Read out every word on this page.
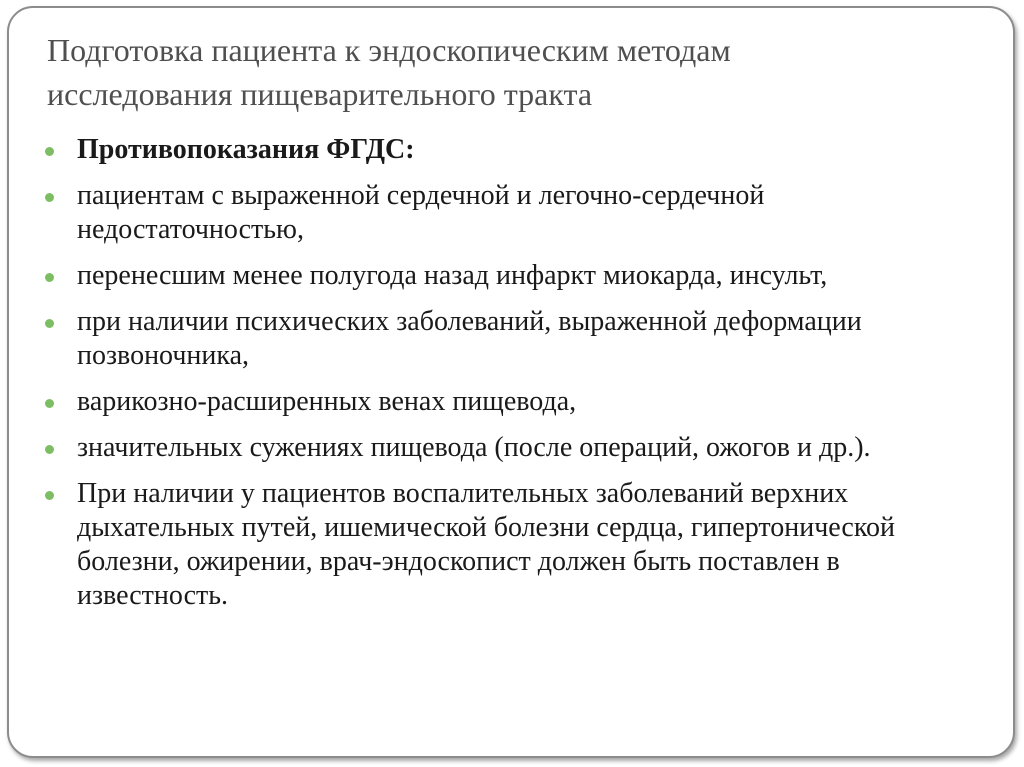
Подготовка пациента к эндоскопическим методам
исследования пищеварительного тракта
Противопоказания ФГДС:
пациентам с выраженной сердечной и легочно-сердечной недостаточностью,
перенесшим менее полугода назад инфаркт миокарда, инсульт,
при наличии психических заболеваний, выраженной деформации позвоночника,
варикозно-расширенных венах пищевода,
значительных сужениях пищевода (после операций, ожогов и др.).
При наличии у пациентов воспалительных заболеваний верхних дыхательных путей, ишемической болезни сердца, гипертонической болезни, ожирении, врач-эндоскопист должен быть поставлен в известность.
